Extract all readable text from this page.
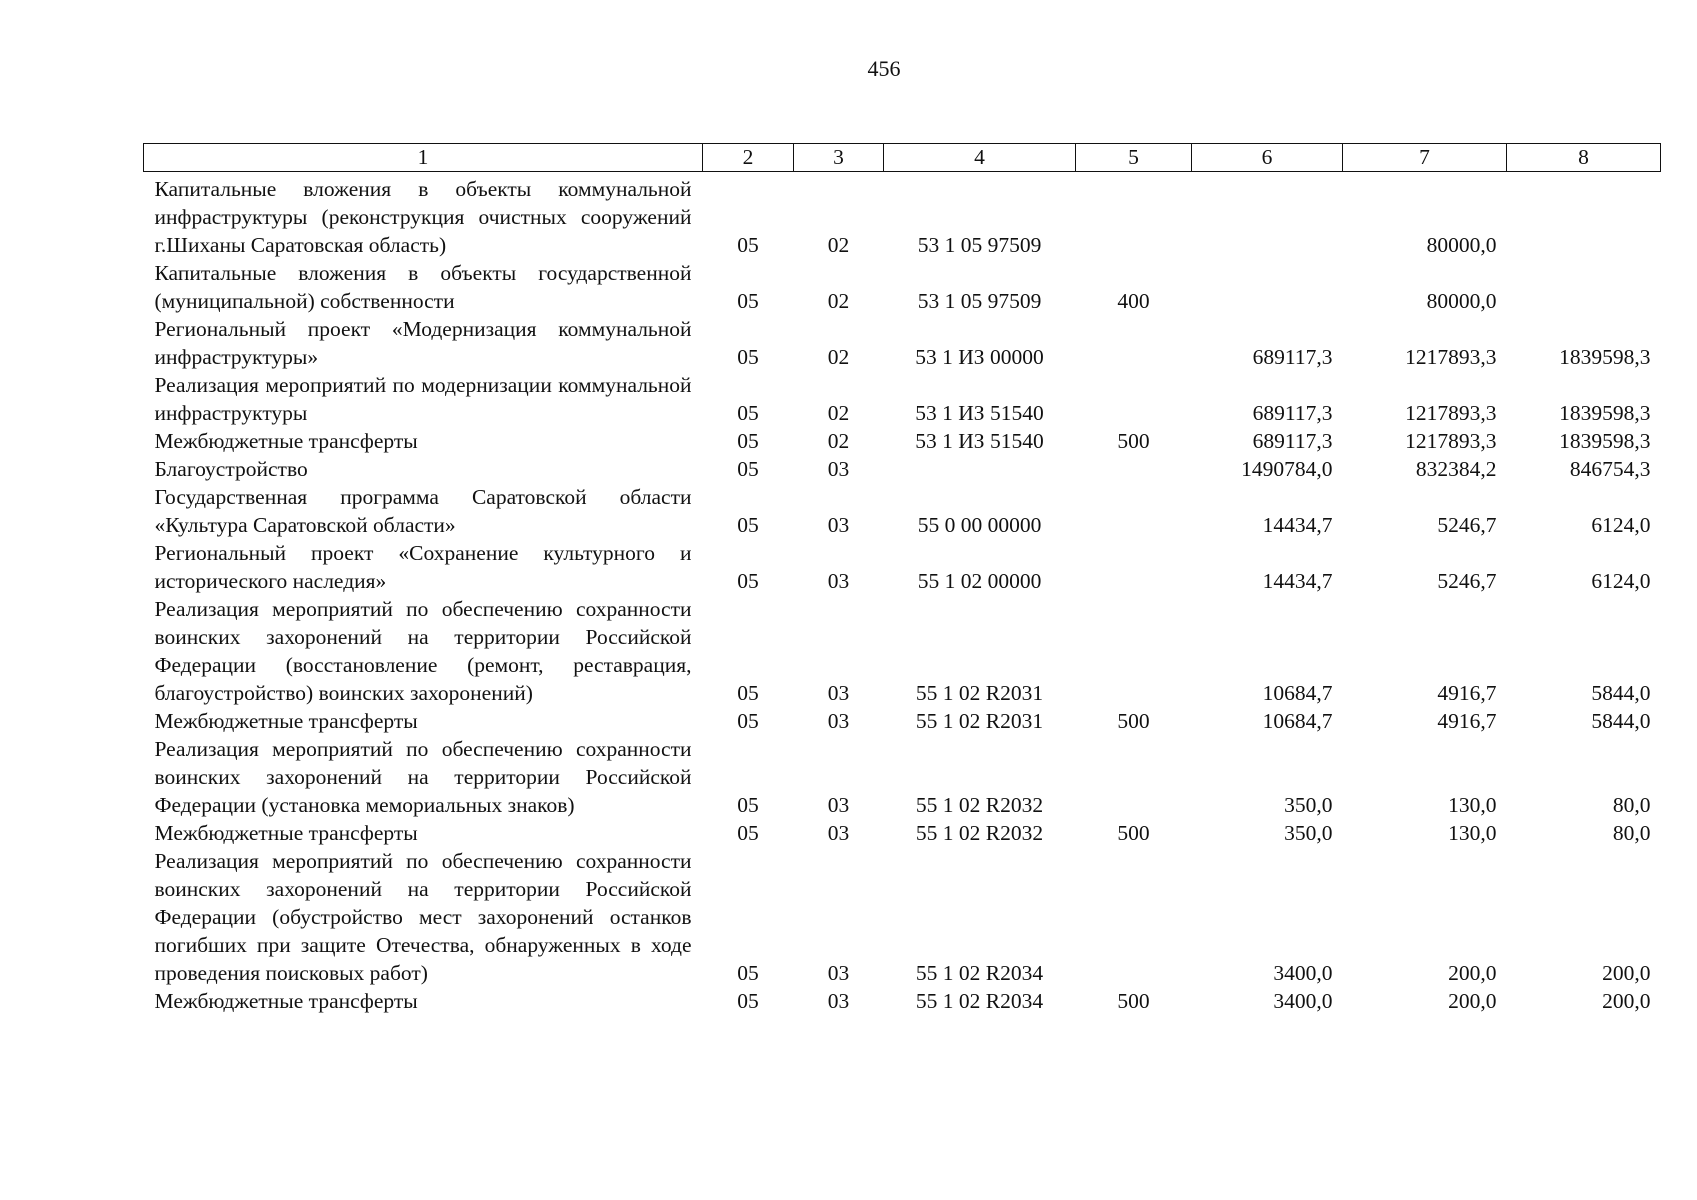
456
1	2	3	4	5	6	7	8
Капитальные вложения в объекты коммунальной инфраструктуры (реконструкция очистных сооружений г.Шиханы Саратовская область)	05	02	53 1 05 97509			80000,0	
Капитальные вложения в объекты государственной (муниципальной) собственности	05	02	53 1 05 97509	400		80000,0	
Региональный проект «Модернизация коммунальной инфраструктуры»	05	02	53 1 ИЗ 00000		689117,3	1217893,3	1839598,3
Реализация мероприятий по модернизации коммунальной инфраструктуры	05	02	53 1 ИЗ 51540		689117,3	1217893,3	1839598,3
Межбюджетные трансферты	05	02	53 1 ИЗ 51540	500	689117,3	1217893,3	1839598,3
Благоустройство	05	03			1490784,0	832384,2	846754,3
Государственная программа Саратовской области «Культура Саратовской области»	05	03	55 0 00 00000		14434,7	5246,7	6124,0
Региональный проект «Сохранение культурного и исторического наследия»	05	03	55 1 02 00000		14434,7	5246,7	6124,0
Реализация мероприятий по обеспечению сохранности воинских захоронений на территории Российской Федерации (восстановление (ремонт, реставрация, благоустройство) воинских захоронений)	05	03	55 1 02 R2031		10684,7	4916,7	5844,0
Межбюджетные трансферты	05	03	55 1 02 R2031	500	10684,7	4916,7	5844,0
Реализация мероприятий по обеспечению сохранности воинских захоронений на территории Российской Федерации (установка мемориальных знаков)	05	03	55 1 02 R2032		350,0	130,0	80,0
Межбюджетные трансферты	05	03	55 1 02 R2032	500	350,0	130,0	80,0
Реализация мероприятий по обеспечению сохранности воинских захоронений на территории Российской Федерации (обустройство мест захоронений останков погибших при защите Отечества, обнаруженных в ходе проведения поисковых работ)	05	03	55 1 02 R2034		3400,0	200,0	200,0
Межбюджетные трансферты	05	03	55 1 02 R2034	500	3400,0	200,0	200,0
